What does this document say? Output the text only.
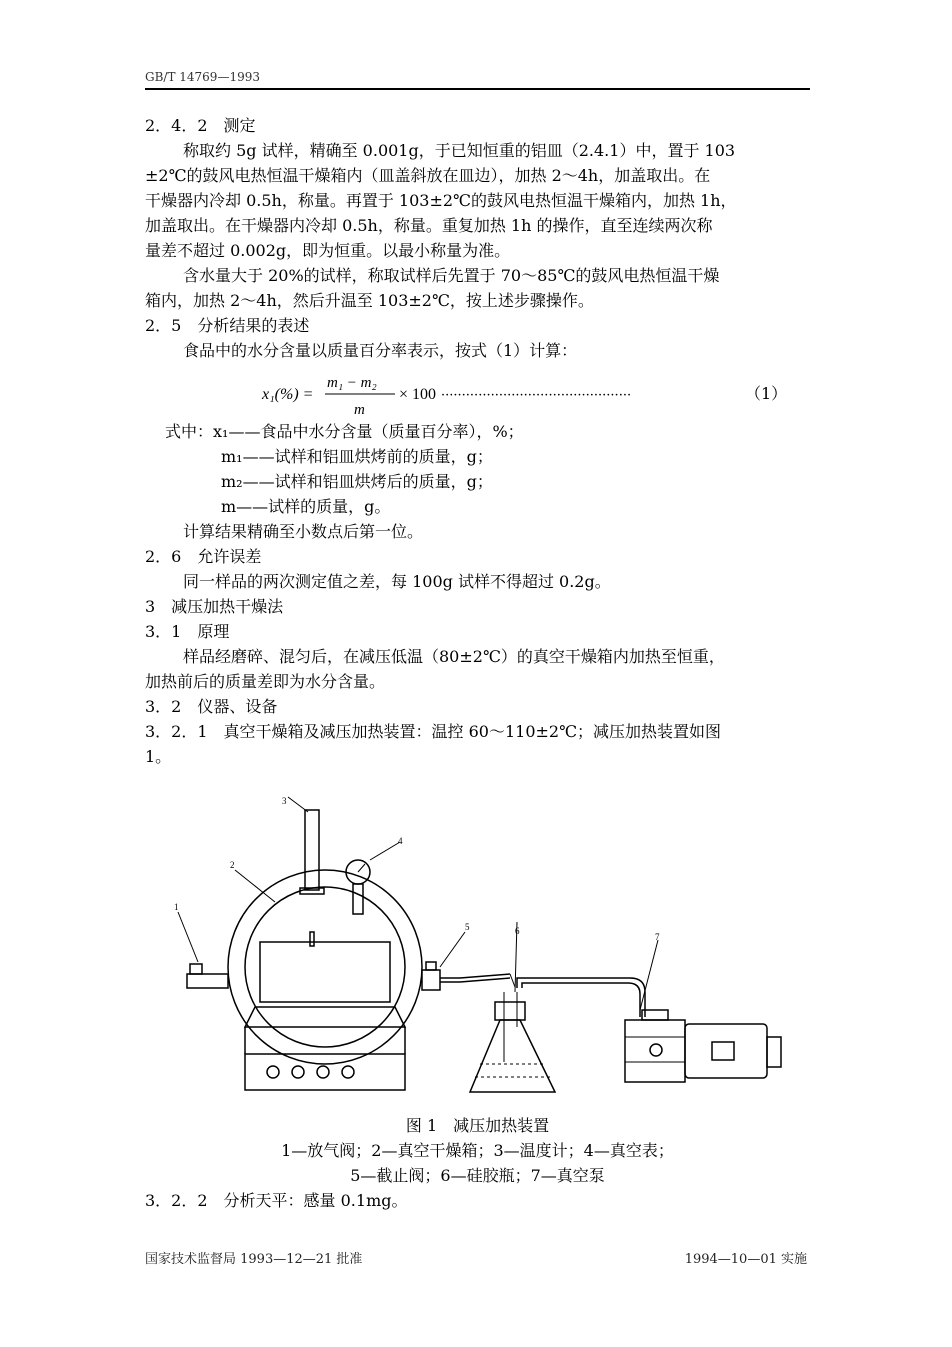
GB/T 14769—1993
2．4．2　测定
称取约 5g 试样，精确至 0.001g，于已知恒重的铝皿（2.4.1）中，置于 103
±2℃的鼓风电热恒温干燥箱内（皿盖斜放在皿边），加热 2～4h，加盖取出。在
干燥器内冷却 0.5h，称量。再置于 103±2℃的鼓风电热恒温干燥箱内，加热 1h，
加盖取出。在干燥器内冷却 0.5h，称量。重复加热 1h 的操作，直至连续两次称
量差不超过 0.002g，即为恒重。以最小称量为准。
含水量大于 20%的试样，称取试样后先置于 70～85℃的鼓风电热恒温干燥
箱内，加热 2～4h，然后升温至 103±2℃，按上述步骤操作。
2．5　分析结果的表述
食品中的水分含量以质量百分率表示，按式（1）计算：
x₁(%) =
m₁ − m₂
m
× 100 ··············································	（1）
式中：x₁——食品中水分含量（质量百分率），%；
m₁——试样和铝皿烘烤前的质量，g；
m₂——试样和铝皿烘烤后的质量，g；
m——试样的质量，g。
计算结果精确至小数点后第一位。
2．6　允许误差
同一样品的两次测定值之差，每 100g 试样不得超过 0.2g。
3　减压加热干燥法
3．1　原理
样品经磨碎、混匀后，在减压低温（80±2℃）的真空干燥箱内加热至恒重，
加热前后的质量差即为水分含量。
3．2　仪器、设备
3．2．1　真空干燥箱及减压加热装置：温控 60～110±2℃；减压加热装置如图
1。
1
2
3
4
5	6
7
图 1　减压加热装置
1—放气阀；2—真空干燥箱；3—温度计；4—真空表；
5—截止阀；6—硅胶瓶；7—真空泵
3．2．2　分析天平：感量 0.1mg。
国家技术监督局 1993—12—21 批准	1994—10—01 实施
